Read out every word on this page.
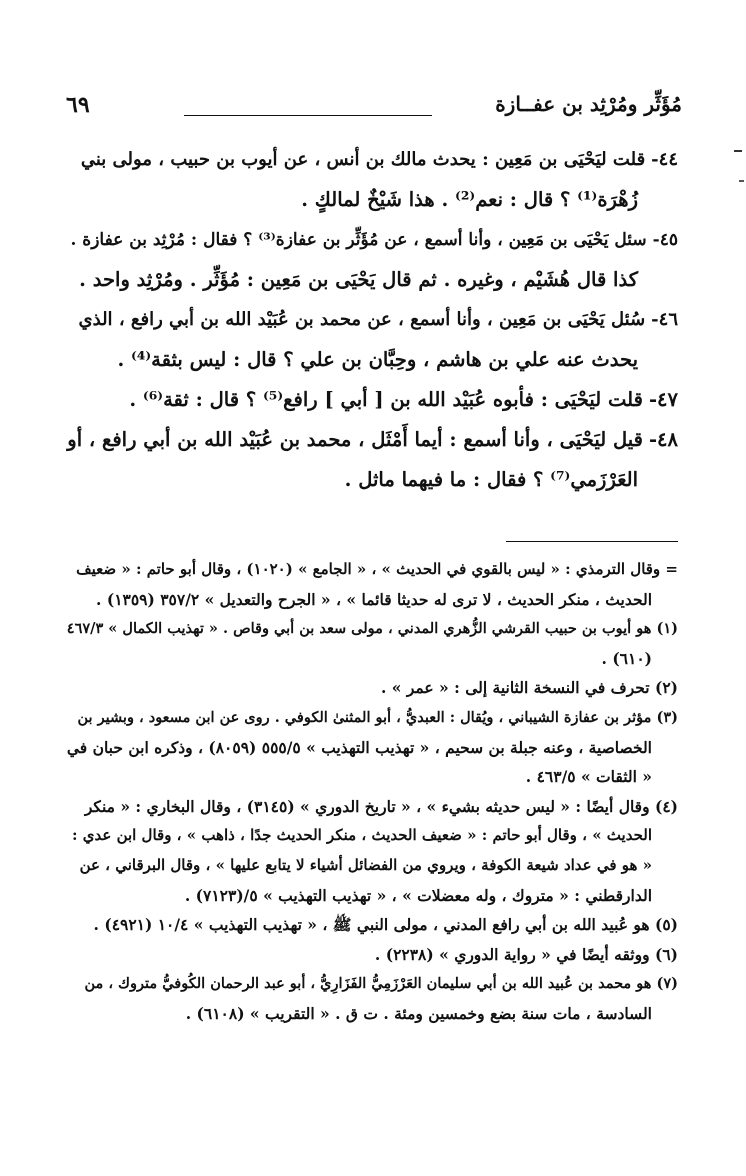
٦٩	مُؤَثِّر ومُرْثِد بن عفــازة

٤٤-قلت ليَحْيَى بن مَعِين : يحدث مالك بن أنس ، عن أيوب بن حبيب ، مولى بني

زُهْرَة⁽¹⁾ ؟ قال : نعم⁽²⁾ . هذا شَيْخٌ لمالكٍ .

٤٥-سئل يَحْيَى بن مَعِين ، وأنا أسمع ، عن مُؤَثِّر بن عفازة⁽³⁾ ؟ فقال : مُرْثِد بن عفازة .

كذا قال هُشَيْم ، وغيره . ثم قال يَحْيَى بن مَعِين : مُؤَثِّر . ومُرْثِد واحد .

٤٦-سُئل يَحْيَى بن مَعِين ، وأنا أسمع ، عن محمد بن عُبَيْد الله بن أبي رافع ، الذي

يحدث عنه علي بن هاشم ، وحِبَّان بن علي ؟ قال : ليس بثقة⁽⁴⁾ .

٤٧-قلت ليَحْيَى : فأبوه عُبَيْد الله بن [ أبي ] رافع⁽⁵⁾ ؟ قال : ثقة⁽⁶⁾ .

٤٨-قيل ليَحْيَى ، وأنا أسمع : أيما أَمْثَل ، محمد بن عُبَيْد الله بن أبي رافع ، أو

العَرْزَمي⁽⁷⁾ ؟ فقال : ما فيهما ماثل .

= وقال الترمذي : « ليس بالقوي في الحديث » ، « الجامع » (١٠٢٠) ، وقال أبو حاتم : « ضعيف

الحديث ، منكر الحديث ، لا ترى له حديثا قائما » ، « الجرح والتعديل » ٣٥٧/٢ (١٣٥٩) .

(١) هو أيوب بن حبيب القرشي الزُّهري المدني ، مولى سعد بن أبي وقاص . « تهذيب الكمال » ٤٦٧/٣

(٦١٠) .

(٢) تحرف في النسخة الثانية إلى : « عمر » .

(٣) مؤثر بن عفازة الشيباني ، ويُقال : العبديُّ ، أبو المثنىٰ الكوفي . روى عن ابن مسعود ، وبشير بن

الخصاصية ، وعنه جبلة بن سحيم ، « تهذيب التهذيب » ٥٥٥/٥ (٨٠٥٩) ، وذكره ابن حبان في

« الثقات » ٤٦٣/٥ .

(٤) وقال أيضًا : « ليس حديثه بشيء » ، « تاريخ الدوري » (٣١٤٥) ، وقال البخاري : « منكر

الحديث » ، وقال أبو حاتم : « ضعيف الحديث ، منكر الحديث جدًا ، ذاهب » ، وقال ابن عدي :

« هو في عداد شيعة الكوفة ، ويروي من الفضائل أشياء لا يتابع عليها » ، وقال البرقاني ، عن

الدارقطني : « متروك ، وله معضلات » ، « تهذيب التهذيب » ٥/(٧١٢٣) .

(٥) هو عُبيد الله بن أبي رافع المدني ، مولى النبي ﷺ ، « تهذيب التهذيب » ١٠/٤ (٤٩٢١) .

(٦) ووثقه أيضًا في « رواية الدوري » (٢٢٣٨) .

(٧) هو محمد بن عُبيد الله بن أبي سليمان العَرْزَمِيُّ الفَزَارِيُّ ، أبو عبد الرحمان الكُوفيُّ متروك ، من

السادسة ، مات سنة بضع وخمسين ومئة . ت ق . « التقريب » (٦١٠٨) .
